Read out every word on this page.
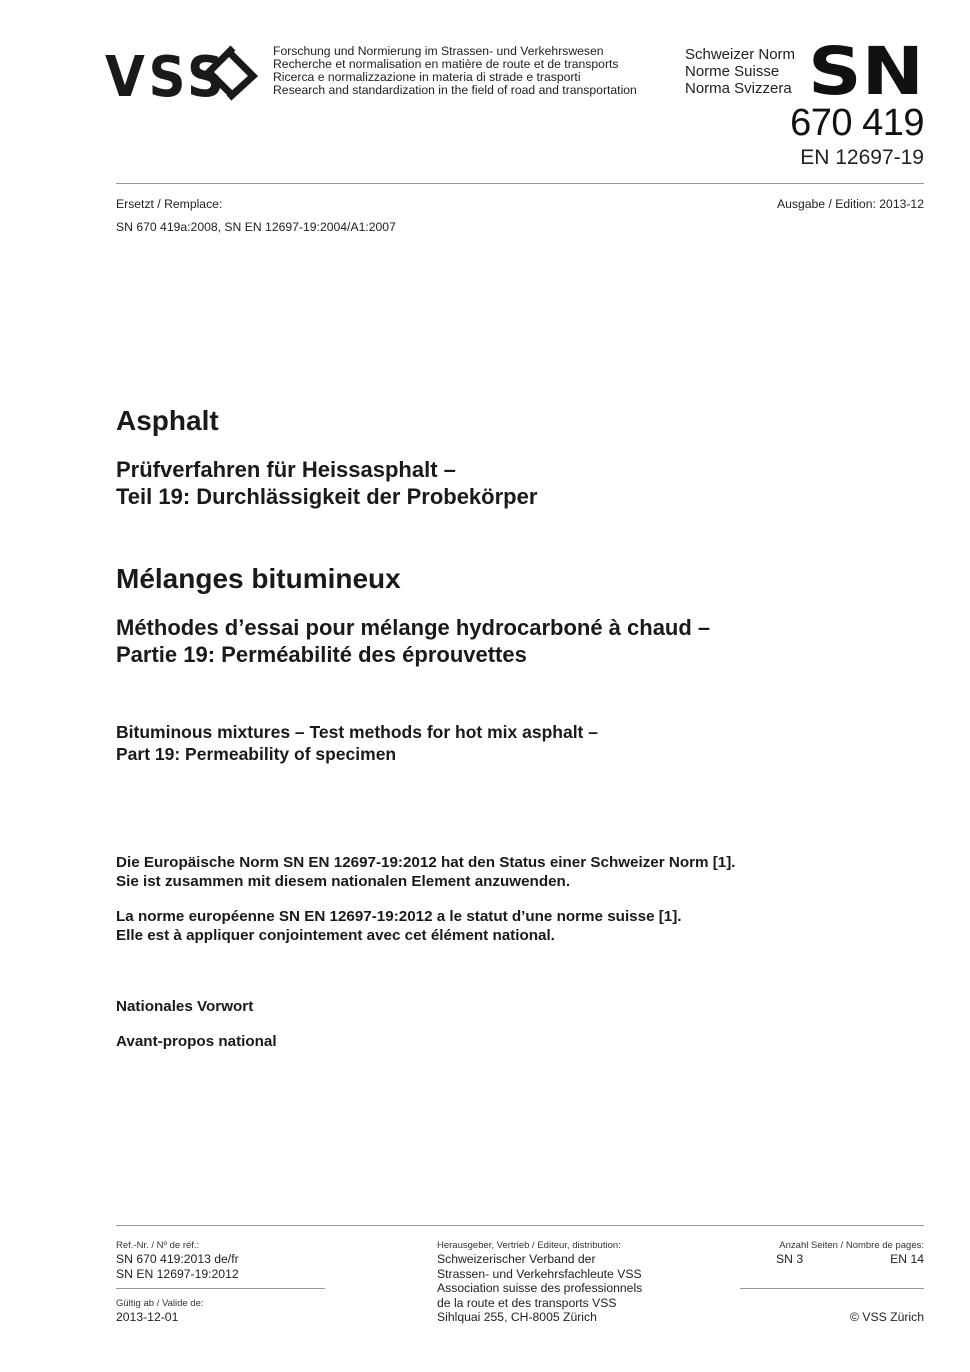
VSS	Forschung und Normierung im Strassen- und Verkehrswesen
Recherche et normalisation en matière de route et de transports
Ricerca e normalizzazione in materia di strade e trasporti
Research and standardization in the field of road and transportation
Schweizer Norm
Norme Suisse
Norma Svizzera SN
670 419
EN 12697-19
Ersetzt / Remplace:	Ausgabe / Edition: 2013-12
SN 670 419a:2008, SN EN 12697-19:2004/A1:2007
Asphalt
Prüfverfahren für Heissasphalt –
Teil 19: Durchlässigkeit der Probekörper
Mélanges bitumineux
Méthodes d’essai pour mélange hydrocarboné à chaud –
Partie 19: Perméabilité des éprouvettes
Bituminous mixtures – Test methods for hot mix asphalt –
Part 19: Permeability of specimen
Die Europäische Norm SN EN 12697-19:2012 hat den Status einer Schweizer Norm [1].
Sie ist zusammen mit diesem nationalen Element anzuwenden.
La norme européenne SN EN 12697-19:2012 a le statut d’une norme suisse [1].
Elle est à appliquer conjointement avec cet élément national.
Nationales Vorwort
Avant-propos national
Ref.-Nr. / Nº de réf.:
SN 670 419:2013 de/fr
SN EN 12697-19:2012
Gültig ab / Valide de:
2013-12-01
Herausgeber, Vertrieb / Editeur, distribution:
Schweizerischer Verband der
Strassen- und Verkehrsfachleute VSS
Association suisse des professionnels
de la route et des transports VSS
Sihlquai 255, CH-8005 Zürich
Anzahl Seiten / Nombre de pages:
SN 3	EN 14
© VSS Zürich
